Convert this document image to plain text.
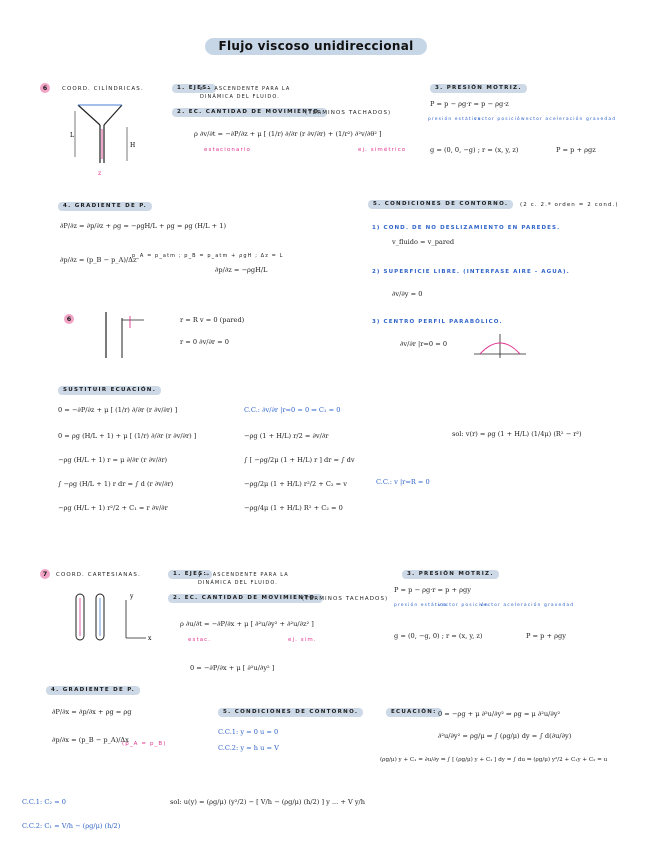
Flujo viscoso unidireccional
6	COORD. CILÍNDRICAS.
L
H
z
1. EJES:
z → ASCENDENTE PARA LA DINÁMICA DEL FLUIDO.
2. EC. CANTIDAD DE MOVIMIENTO.
(TÉRMINOS TACHADOS)
ρ ∂v/∂t = −∂P/∂z + μ [ (1/r) ∂/∂r (r ∂v/∂r) + (1/r²) ∂²v/∂θ² ]
estacionario	ej. simétrico
3. PRESIÓN MOTRIZ.
P = p − ρg·r = p − ρg·z
presión estática
vector posición
vector aceleración gravedad
g = (0, 0, −g) ; r = (x, y, z)	P = p + ρgz
4. GRADIENTE DE P.
∂P/∂z = ∂p/∂z + ρg = −ρgH/L + ρg = ρg (H/L + 1)
∂p/∂z = (p_B − p_A)/Δz
p_A = p_atm ; p_B = p_atm + ρgH ; Δz = L
∂p/∂z = −ρgH/L
5. CONDICIONES DE CONTORNO.	(2 c. 2.ª orden = 2 cond.)
1) COND. DE NO DESLIZAMIENTO EN PAREDES.
v_fluido = v_pared
2) SUPERFICIE LIBRE. (INTERFASE AIRE - AGUA).
∂v/∂y = 0
3) CENTRO PERFIL PARABÓLICO.
∂v/∂r |r=0 = 0
6	r = R v = 0 (pared)
r = 0 ∂v/∂r = 0
SUSTITUIR ECUACIÓN.
0 = −∂P/∂z + μ [ (1/r) ∂/∂r (r ∂v/∂r) ]
0 = ρg (H/L + 1) + μ [ (1/r) ∂/∂r (r ∂v/∂r) ]
−ρg (H/L + 1) r = μ ∂/∂r (r ∂v/∂r)
∫ −ρg (H/L + 1) r dr = ∫ d (r ∂v/∂r)
−ρg (H/L + 1) r²/2 + C₁ = r ∂v/∂r
C.C.: ∂v/∂r |r=0 = 0 ⇒ C₁ = 0
−ρg (1 + H/L) r/2 = ∂v/∂r
∫ [ −ρg/2μ (1 + H/L) r ] dr = ∫ dv
−ρg/2μ (1 + H/L) r²/2 + C₂ = v
−ρg/4μ (1 + H/L) R² + C₂ = 0
C.C.: v |r=R = 0
sol: v(r) = ρg (1 + H/L) (1/4μ) (R² − r²)
7	COORD. CARTESIANAS.
y
x
1. EJES:
y → ASCENDENTE PARA LA DINÁMICA DEL FLUIDO.
2. EC. CANTIDAD DE MOVIMIENTO.
(TÉRMINOS TACHADOS)
ρ ∂u/∂t = −∂P/∂x + μ [ ∂²u/∂y² + ∂²u/∂z² ]
estac.	ej. sim.
0 = −∂P/∂x + μ [ ∂²u/∂y² ]
3. PRESIÓN MOTRIZ.
P = p − ρg·r = p + ρgy
presión estática
vector posición
vector aceleración gravedad
g = (0, −g, 0) ; r = (x, y, z)	P = p + ρgy
4. GRADIENTE DE P.
∂P/∂x = ∂p/∂x + ρg = ρg
∂p/∂x = (p_B − p_A)/Δx
(p_A = p_B)
5. CONDICIONES DE CONTORNO.
C.C.1: y = 0 u = 0
C.C.2: y = h u = V
ECUACIÓN: 0 = −ρg + μ ∂²u/∂y² ⇒ ρg = μ ∂²u/∂y²
∂²u/∂y² = ρg/μ ⇒ ∫ (ρg/μ) dy = ∫ d(∂u/∂y)
(ρg/μ) y + C₁ = ∂u/∂y ⇒ ∫ [ (ρg/μ) y + C₁ ] dy = ∫ du ⇒ (ρg/μ) y²/2 + C₁y + C₂ = u
C.C.1: C₂ = 0
C.C.2: C₁ = V/h − (ρg/μ) (h/2)
sol: u(y) = (ρg/μ) (y²/2) − [ V/h − (ρg/μ) (h/2) ] y ... + V y/h
